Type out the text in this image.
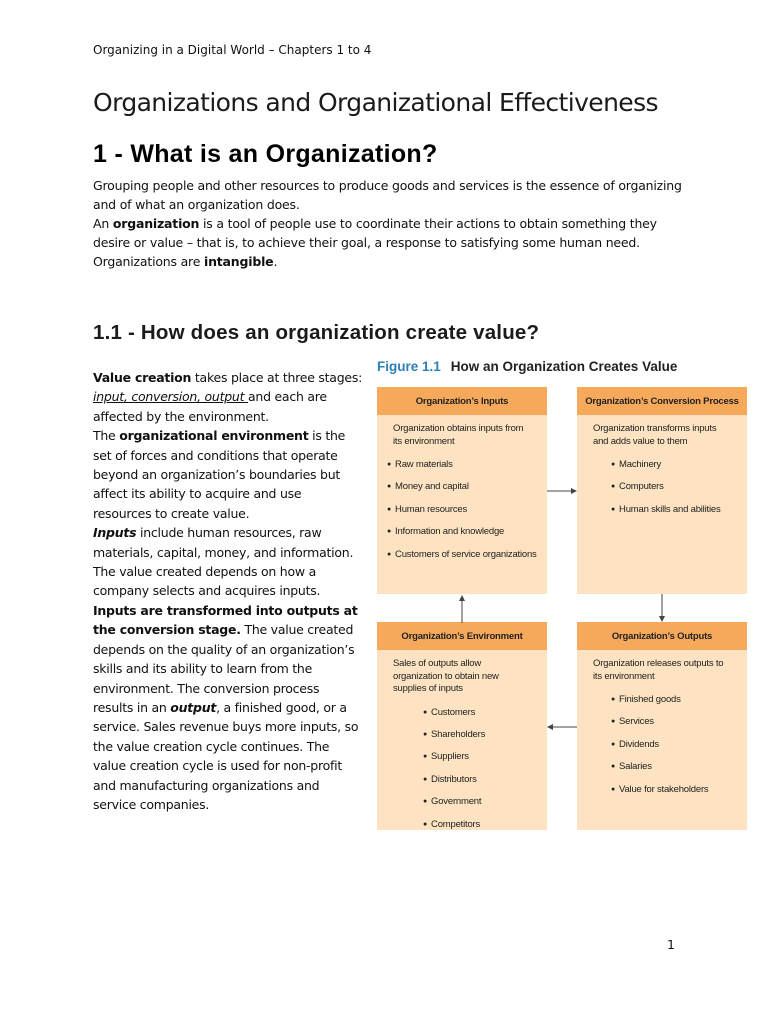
Organizing in a Digital World – Chapters 1 to 4
Organizations and Organizational Effectiveness
1 - What is an Organization?

Grouping people and other resources to produce goods and services is the essence of organizing and of what an organization does.

An organization is a tool of people use to coordinate their actions to obtain something they desire or value – that is, to achieve their goal, a response to satisfying some human need.

Organizations are intangible.

1.1 - How does an organization create value?

Value creation takes place at three stages: input, conversion, output and each are affected by the environment.

The organizational environment is the set of forces and conditions that operate beyond an organization’s boundaries but affect its ability to acquire and use resources to create value.

Inputs include human resources, raw materials, capital, money, and information. The value created depends on how a company selects and acquires inputs.

Inputs are transformed into outputs at the conversion stage. The value created depends on the quality of an organization’s skills and its ability to learn from the environment. The conversion process results in an output, a finished good, or a service. Sales revenue buys more inputs, so the value creation cycle continues. The value creation cycle is used for non-profit and manufacturing organizations and service companies.

Figure 1.1 How an Organization Creates Value
Organization’s Inputs
Organization obtains inputs from its environment
● Raw materials
● Money and capital
● Human resources
● Information and knowledge
● Customers of service organizations
Organization’s Conversion Process
Organization transforms inputs and adds value to them
● Machinery
● Computers
● Human skills and abilities
Organization’s Environment
Sales of outputs allow organization to obtain new supplies of inputs
● Customers
● Shareholders
● Suppliers
● Distributors
● Government
● Competitors
Organization’s Outputs
Organization releases outputs to its environment
● Finished goods
● Services
● Dividends
● Salaries
● Value for stakeholders
1
